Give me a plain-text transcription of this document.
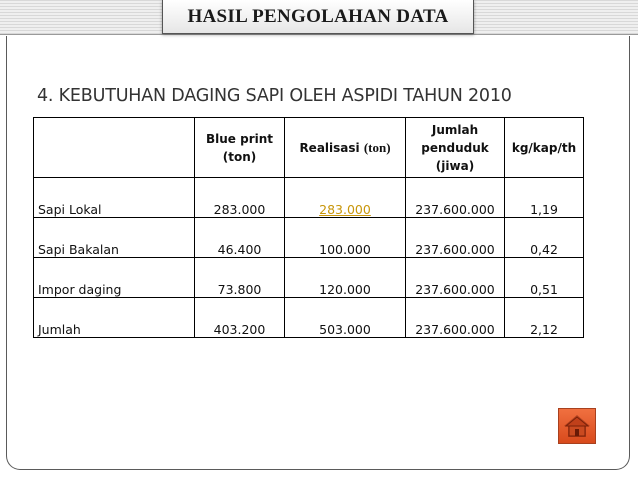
HASIL PENGOLAHAN DATA
4. KEBUTUHAN DAGING SAPI OLEH ASPIDI TAHUN 2010
	Blue print (ton)	Realisasi (ton)	Jumlah penduduk (jiwa)	kg/kap/th
Sapi Lokal	283.000	283.000	237.600.000	1,19
Sapi Bakalan	46.400	100.000	237.600.000	0,42
Impor daging	73.800	120.000	237.600.000	0,51
Jumlah	403.200	503.000	237.600.000	2,12
